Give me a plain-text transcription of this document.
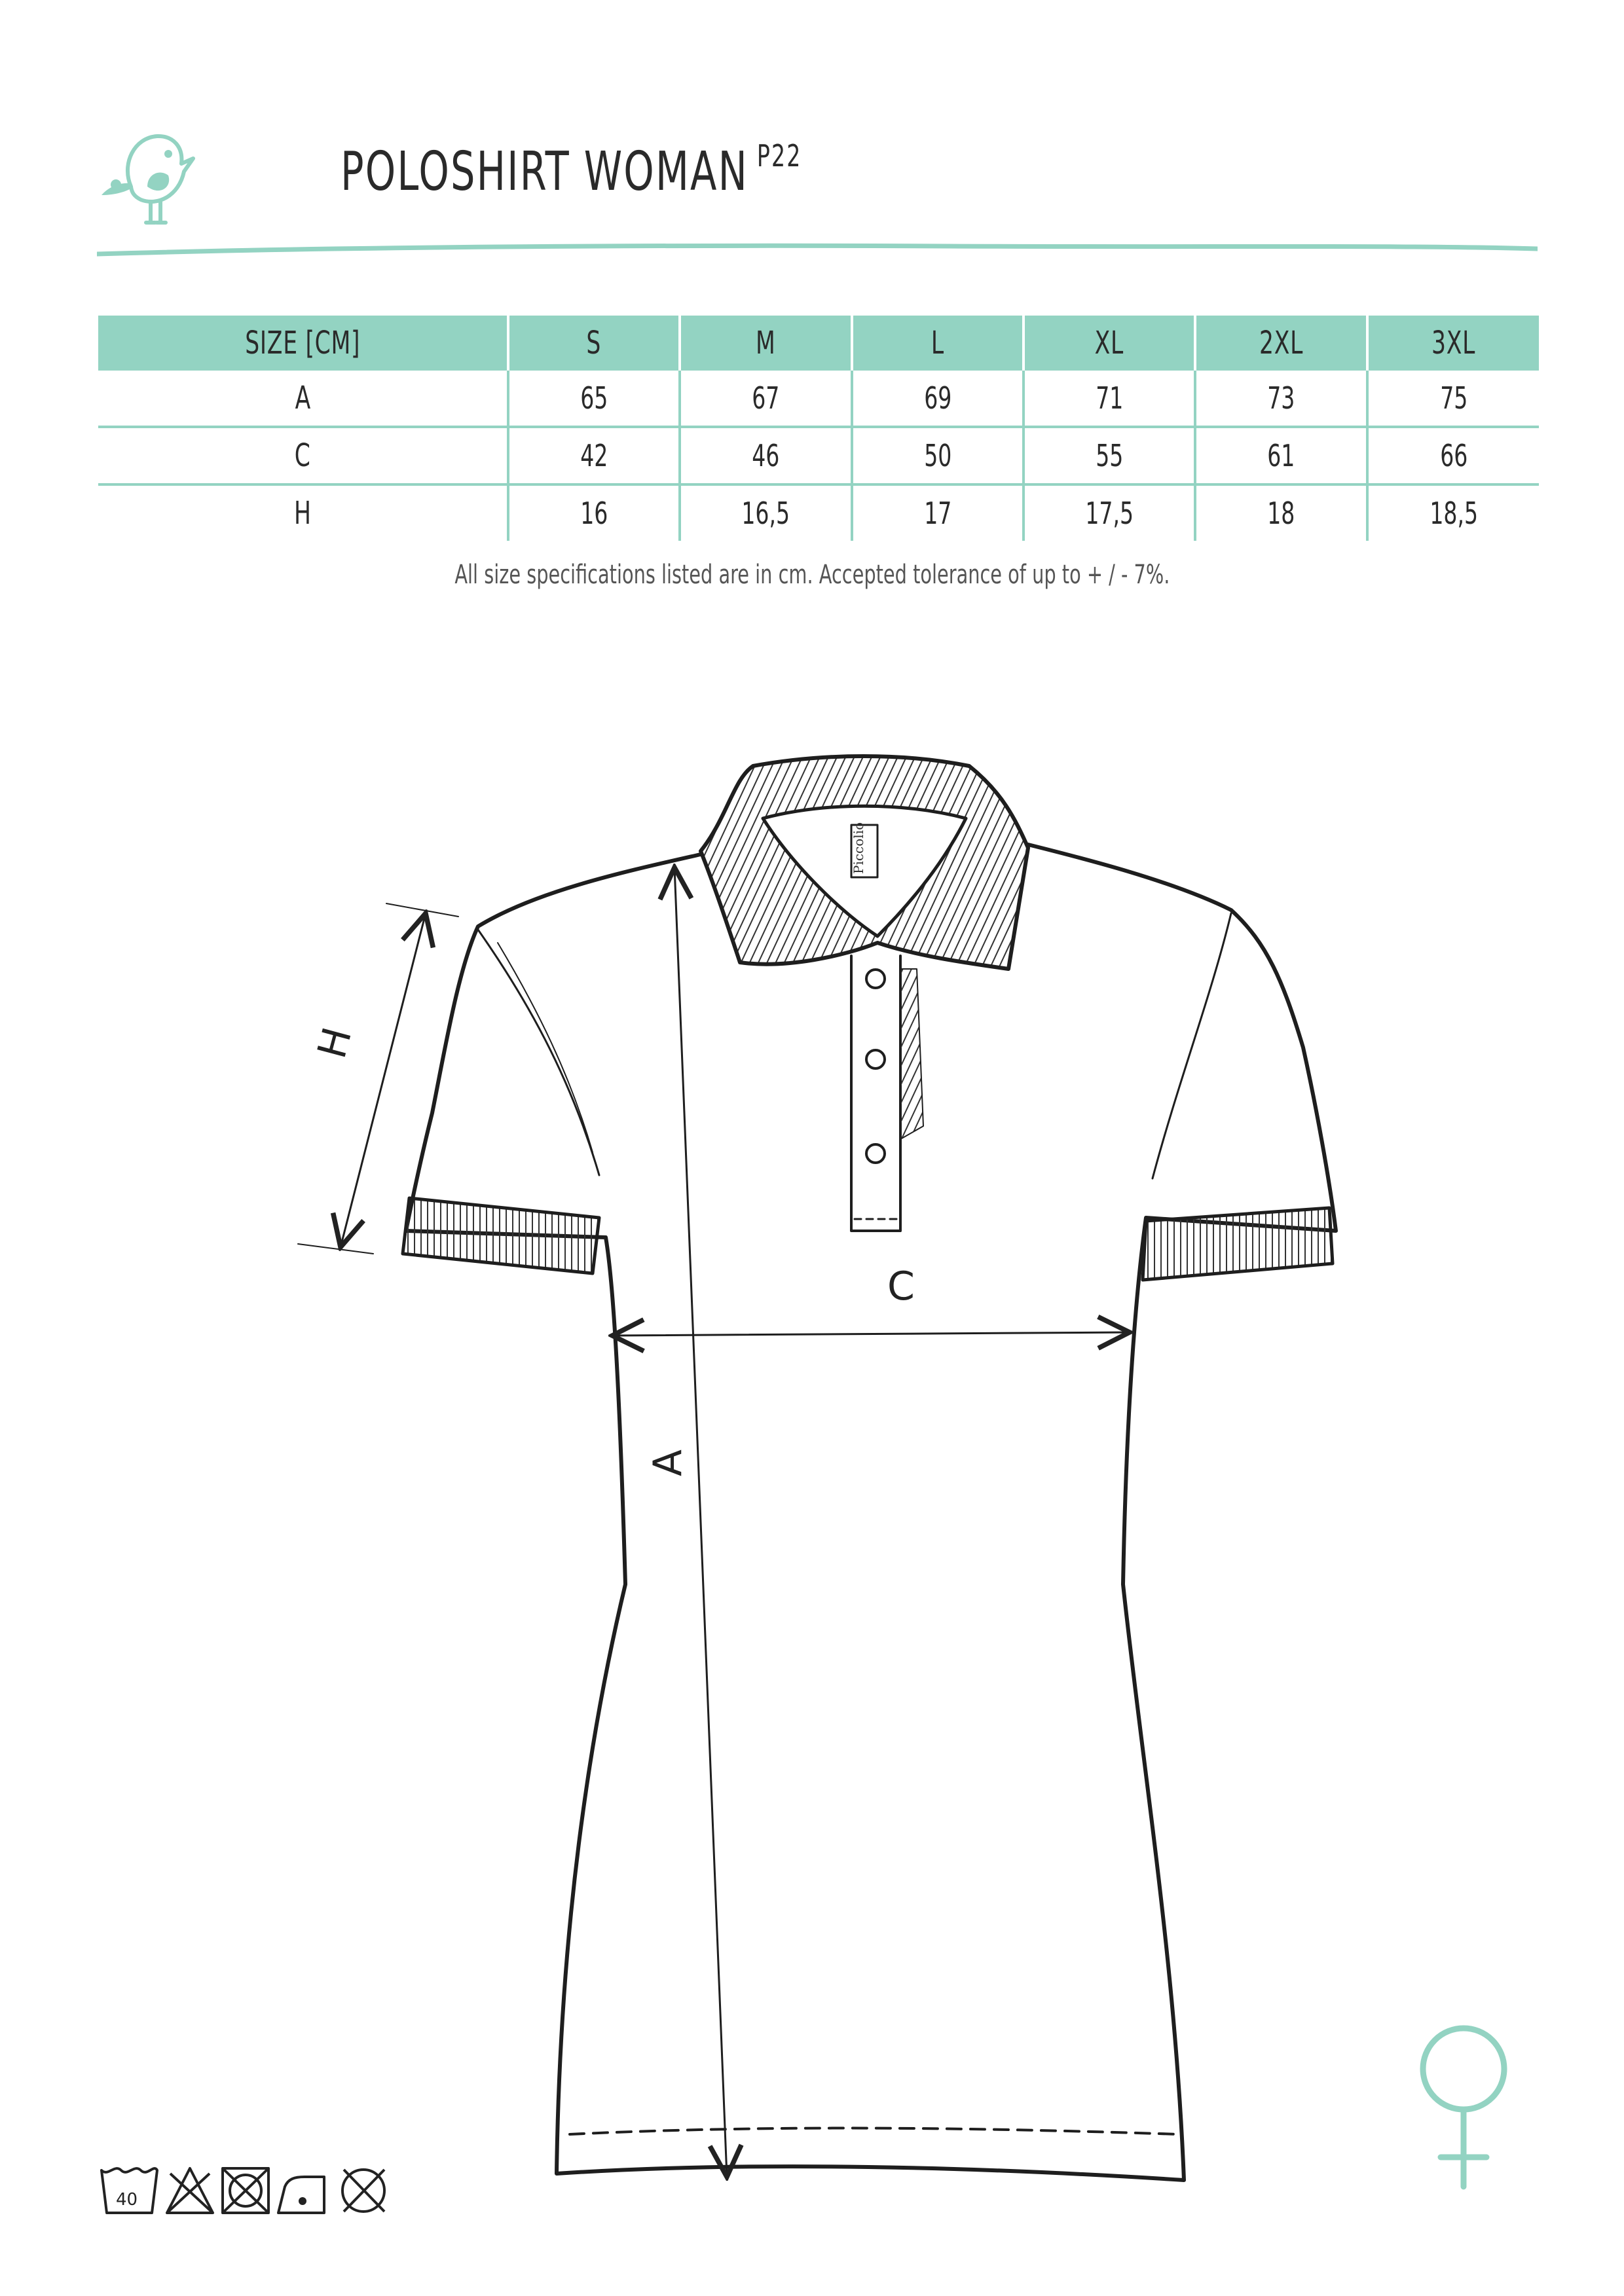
POLOSHIRT WOMAN $^{P22}$
SIZE [CM]	S	M	L	XL	2XL	3XL
A	65	67	69	71	73	75
C	42	46	50	55	61	66
H	16	16,5	17	17,5	18	18,5
All size specifications listed are in cm. Accepted tolerance of up to + / - 7%.
Piccolio
H
C
A
40
